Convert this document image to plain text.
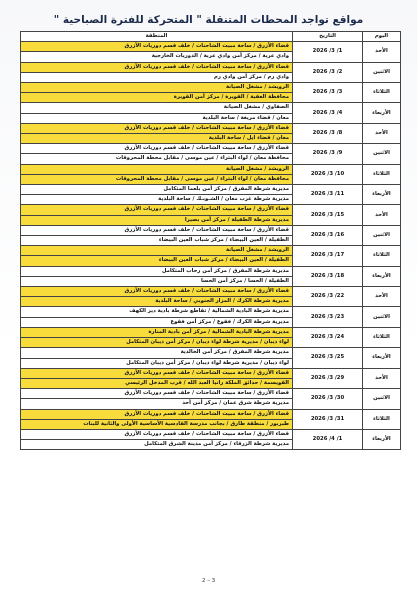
مواقع تواجد المحطات المتنقلة " المتحركة للفترة الصباحية "
اليوم	التاريخ	المنطقة
الأحد	2026 /3 /1	قضاء الأزرق / ساحة مبيت الشاحنات / خلف قسم دوريات الأزرق
		وادي عربة / مركز أمن وادي عربة / الدوريات الخارجية
الاثنين	2026 /3 /2	قضاء الأزرق / ساحة مبيت الشاحنات / خلف قسم دوريات الأزرق
		وادي رم / مركز أمن وادي رم
الثلاثاء	2026 /3 /3	الرويشد / مشغل الصيانة
		محافظة العقبة / القويرة / مركز أمن القويرة
الأربعاء	2026 /3 /4	الصفاوي / مشغل الصيانة
		معان / قضاء مريغة / ساحة البلدية
الأحد	2026 /3 /8	قضاء الأزرق / ساحة مبيت الشاحنات / خلف قسم دوريات الأزرق
		معان / قضاء ايل / ساحة البلدية
الاثنين	2026 /3 /9	قضاء الأزرق / ساحة مبيت الشاحنات / خلف قسم دوريات الأزرق
		محافظة معان / لواء البتراء / عين موسى / مقابل محطة المحروقات
الثلاثاء	2026 /3 /10	الرويشد / مشغل الصيانة
		محافظة معان / لواء البتراء / عين موسى / مقابل محطة المحروقات
الأربعاء	2026 /3 /11	مديرية شرطة المفرق / مركز أمن بلعما المتكامل
		مديرية شرطة غرب معان / الشـوبـك / ساحة البلدية
الأحد	2026 /3 /15	قضاء الأزرق / ساحة مبيت الشاحنات / خلف قسم دوريات الأزرق
		مديرية شرطة الطفيلة / مركز أمن بصيرا
الاثنين	2026 /3 /16	قضاء الأزرق / ساحة مبيت الشاحنات / خلف قسم دوريات الأزرق
		الطفيلة / العين البيضاء / مركز شباب العين البيضاء
الثلاثاء	2026 /3 /17	الرويشد / مشغل الصيانة
		الطفيلة / العين البيضاء / مركز شباب العين البيضاء
الأربعاء	2026 /3 /18	مديرية شرطة المفرق / مركز أمن رحاب المتكامل
		الطفيلة / الحسا / مركز أمن الحسا
الأحد	2026 /3 /22	قضاء الأزرق / ساحة مبيت الشاحنات / خلف قسم دوريات الأزرق
		مديرية شرطة الكرك / المزار الجنوبي / ساحة البلدية
الاثنين	2026 /3 /23	مديرية شرطة البادية الشمالية / تقاطع شرطة بادية دير الكهف
		مديرية شرطة الكرك / فقوع / مركز أمن فقوع
الثلاثاء	2026 /3 /24	مديرية شرطة البادية الشمالية / مركز أمن بادية المنارة
		لواء ذيبان / مديرية شرطة لواء ذيبان / مركز أمن ذيبان المتكامل
الأربعاء	2026 /3 /25	مديرية شرطة المفرق / مركز أمن الخالدية
		لواء ذيبان / مديرية شرطة لواء ذيبان / مركز أمن ذيبان المتكامل
الأحد	2026 /3 /29	قضاء الأزرق / ساحة مبيت الشاحنات / خلف قسم دوريات الأزرق
		القويسمة / حدائق الملكة رانيا العبد الله / قرب المدخل الرئيسي
الاثنين	2026 /3 /30	قضاء الأزرق / ساحة مبيت الشاحنات / خلف قسم دوريات الأزرق
		مديرية شرطة شرق عمان / مركز أمن أحد
الثلاثاء	2026 /3 /31	قضاء الأزرق / ساحة مبيت الشاحنات / خلف قسم دوريات الأزرق
		طبربور / منطقة طارق / بجانب مدرسة القادسية الأساسية الأولى والثانية للبنات
الأربعاء	2026 /4 /1	قضاء الأزرق / ساحة مبيت الشاحنات / خلف قسم دوريات الأزرق
		مديرية شرطة الزرقاء / مركز أمن مدينة الشرق المتكامل
2 – 3
